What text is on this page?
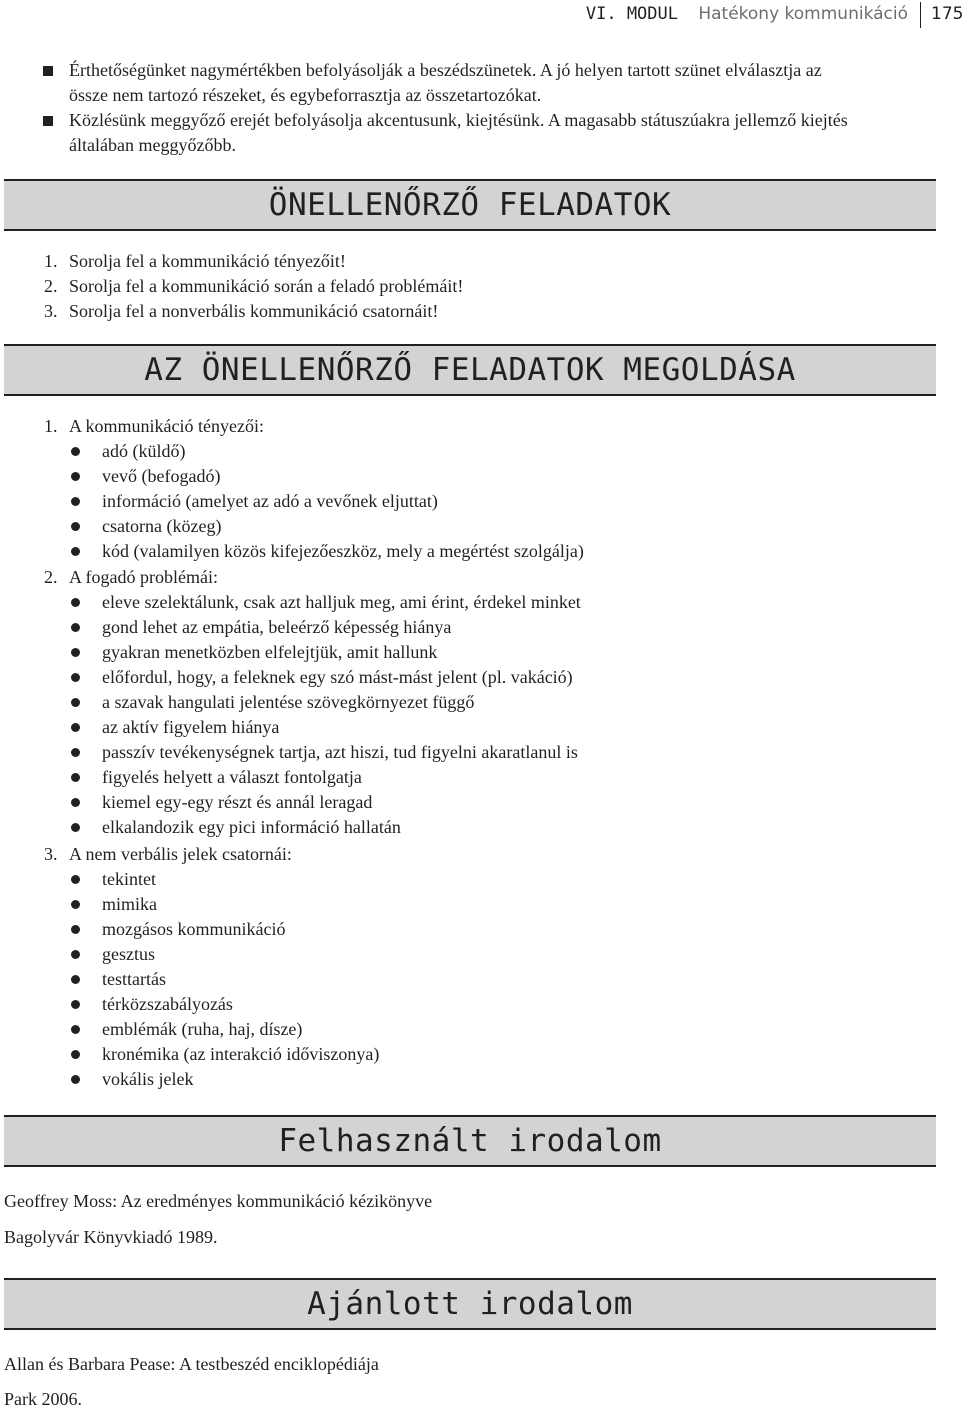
VI. MODUL Hatékony kommunikáció 175
Érthetőségünket nagymértékben befolyásolják a beszédszünetek. A jó helyen tartott szünet elválasztja az
össze nem tartozó részeket, és egybeforrasztja az összetartozókat.
Közlésünk meggyőző erejét befolyásolja akcentusunk, kiejtésünk. A magasabb státuszúakra jellemző kiejtés
általában meggyőzőbb.
ÖNELLENŐRZŐ FELADATOK
1. Sorolja fel a kommunikáció tényezőit!
2. Sorolja fel a kommunikáció során a feladó problémáit!
3. Sorolja fel a nonverbális kommunikáció csatornáit!
AZ ÖNELLENŐRZŐ FELADATOK MEGOLDÁSA
1. A kommunikáció tényezői:
adó (küldő)
vevő (befogadó)
információ (amelyet az adó a vevőnek eljuttat)
csatorna (közeg)
kód (valamilyen közös kifejezőeszköz, mely a megértést szolgálja)
2. A fogadó problémái:
eleve szelektálunk, csak azt halljuk meg, ami érint, érdekel minket
gond lehet az empátia, beleérző képesség hiánya
gyakran menetközben elfelejtjük, amit hallunk
előfordul, hogy, a feleknek egy szó mást-mást jelent (pl. vakáció)
a szavak hangulati jelentése szövegkörnyezet függő
az aktív figyelem hiánya
passzív tevékenységnek tartja, azt hiszi, tud figyelni akaratlanul is
figyelés helyett a választ fontolgatja
kiemel egy-egy részt és annál leragad
elkalandozik egy pici információ hallatán
3. A nem verbális jelek csatornái:
tekintet
mimika
mozgásos kommunikáció
gesztus
testtartás
térközszabályozás
emblémák (ruha, haj, dísze)
kronémika (az interakció időviszonya)
vokális jelek
Felhasznált irodalom
Geoffrey Moss: Az eredményes kommunikáció kézikönyve
Bagolyvár Könyvkiadó 1989.
Ajánlott irodalom
Allan és Barbara Pease: A testbeszéd enciklopédiája
Park 2006.
